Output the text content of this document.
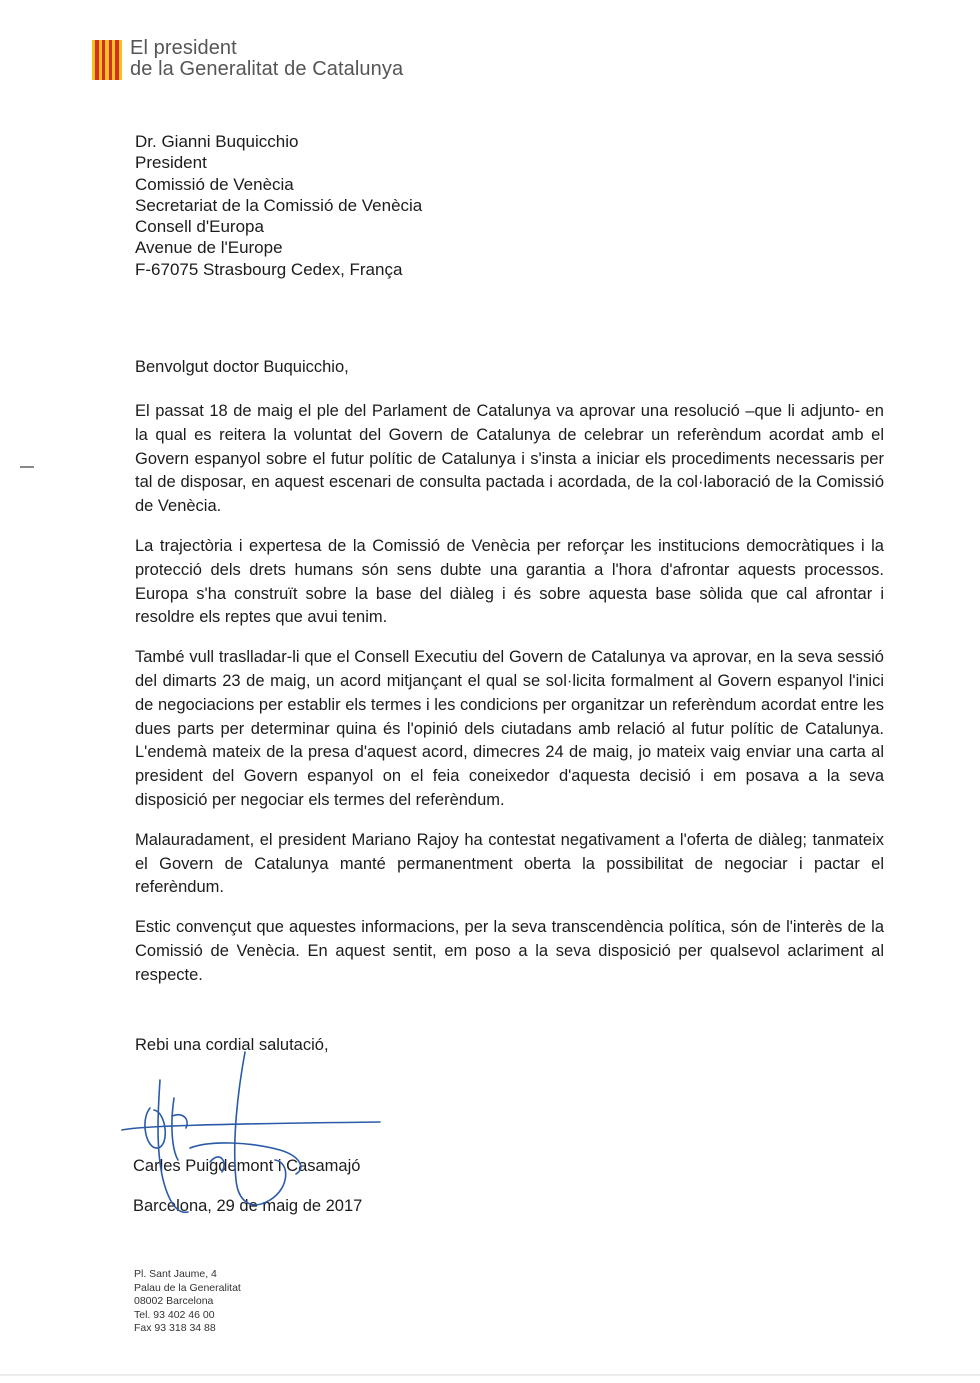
El president
de la Generalitat de Catalunya
Dr. Gianni Buquicchio
President
Comissió de Venècia
Secretariat de la Comissió de Venècia
Consell d'Europa
Avenue de l'Europe
F-67075 Strasbourg Cedex, França
Benvolgut doctor Buquicchio,

El passat 18 de maig el ple del Parlament de Catalunya va aprovar una resolució –que li adjunto- en la qual es reitera la voluntat del Govern de Catalunya de celebrar un referèndum acordat amb el Govern espanyol sobre el futur polític de Catalunya i s'insta a iniciar els procediments necessaris per tal de disposar, en aquest escenari de consulta pactada i acordada, de la col·laboració de la Comissió de Venècia.

La trajectòria i expertesa de la Comissió de Venècia per reforçar les institucions democràtiques i la protecció dels drets humans són sens dubte una garantia a l'hora d'afrontar aquests processos. Europa s'ha construït sobre la base del diàleg i és sobre aquesta base sòlida que cal afrontar i resoldre els reptes que avui tenim.

També vull traslladar-li que el Consell Executiu del Govern de Catalunya va aprovar, en la seva sessió del dimarts 23 de maig, un acord mitjançant el qual se sol·licita formalment al Govern espanyol l'inici de negociacions per establir els termes i les condicions per organitzar un referèndum acordat entre les dues parts per determinar quina és l'opinió dels ciutadans amb relació al futur polític de Catalunya. L'endemà mateix de la presa d'aquest acord, dimecres 24 de maig, jo mateix vaig enviar una carta al president del Govern espanyol on el feia coneixedor d'aquesta decisió i em posava a la seva disposició per negociar els termes del referèndum.

Malauradament, el president Mariano Rajoy ha contestat negativament a l'oferta de diàleg; tanmateix el Govern de Catalunya manté permanentment oberta la possibilitat de negociar i pactar el referèndum.

Estic convençut que aquestes informacions, per la seva transcendència política, són de l'interès de la Comissió de Venècia. En aquest sentit, em poso a la seva disposició per qualsevol aclariment al respecte.

Rebi una cordial salutació,
Carles Puigdemont i Casamajó
Barcelona, 29 de maig de 2017
Pl. Sant Jaume, 4
Palau de la Generalitat
08002 Barcelona
Tel. 93 402 46 00
Fax 93 318 34 88
